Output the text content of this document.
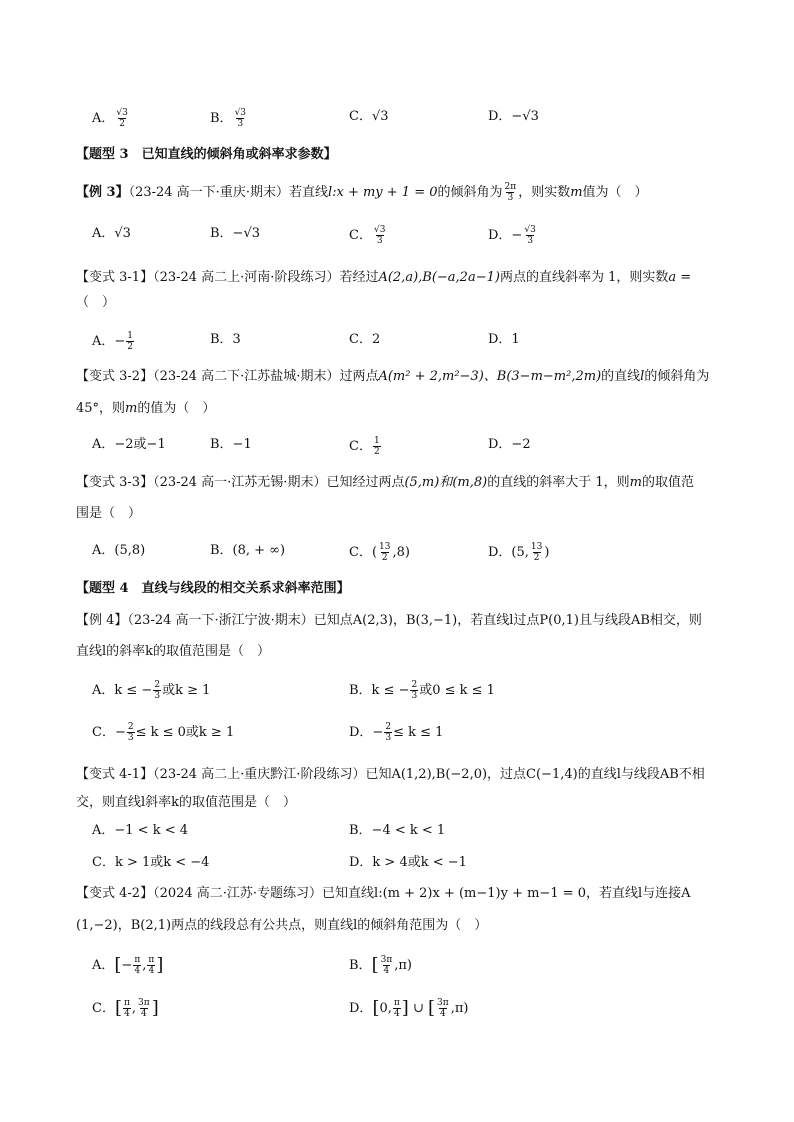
A． $\frac{√3}{2}$	B． $\frac{√3}{3}$	C．√3	D．−√3
【题型 3　已知直线的倾斜角或斜率求参数】
【例 3】（23-24 高一下·重庆·期末）若直线l:x + my + 1 = 0的倾斜角为 $\frac{2\pi}{3}$ ，则实数m值为（　）
A．√3	B．−√3	C． $\frac{√3}{3}$	D．− $\frac{√3}{3}$
【变式 3-1】（23-24 高二上·河南·阶段练习）若经过A(2,a),B(−a,2a−1)两点的直线斜率为 1，则实数a =
（　）
A．− $\frac{1}{2}$	B．3	C．2	D．1
【变式 3-2】（23-24 高二下·江苏盐城·期末）过两点A(m² + 2,m²−3)、B(3−m−m²,2m)的直线l的倾斜角为
45°，则m的值为（　）
A．−2或−1	B．−1	C． $\frac{1}{2}$	D．−2
【变式 3-3】（23-24 高一·江苏无锡·期末）已知经过两点(5,m)和(m,8)的直线的斜率大于 1，则m的取值范
围是（　）
A．(5,8)	B．(8, + ∞)	C．( $\frac{13}{2} ,8$)	D．(5, $\frac{13}{2}$ )
【题型 4　直线与线段的相交关系求斜率范围】
【例 4】（23-24 高一下·浙江宁波·期末）已知点A(2,3)，B(3,−1)，若直线l过点P(0,1)且与线段AB相交，则
直线l的斜率k的取值范围是（　）
A．k ≤ − $\frac{2}{3}$ 或k ≥ 1	B．k ≤ − $\frac{2}{3}$ 或0 ≤ k ≤ 1
C．− $\frac{2}{3} \le k \le 0$或k ≥ 1	D．− $\frac{2}{3} \le k \le 1$
【变式 4-1】（23-24 高二上·重庆黔江·阶段练习）已知A(1,2),B(−2,0)，过点C(−1,4)的直线l与线段AB不相
交，则直线l斜率k的取值范围是（　）
A．−1 < k < 4	B．−4 < k < 1
C．k > 1或k < −4	D．k > 4或k < −1
【变式 4-2】（2024 高二·江苏·专题练习）已知直线l:(m + 2)x + (m−1)y + m−1 = 0，若直线l与连接A
(1,−2)，B(2,1)两点的线段总有公共点，则直线l的倾斜角范围为（　）
A．[− $\frac{\pi}{4}$ , $\frac{\pi}{4}$ ]	B．[ $\frac{3\pi}{4} ,\pi$)
C．[ $\frac{\pi}{4}$ , $\frac{3\pi}{4}$ ]	D．[0, $\frac{\pi}{4}$ ] ∪ [ $\frac{3\pi}{4} ,\pi$)
